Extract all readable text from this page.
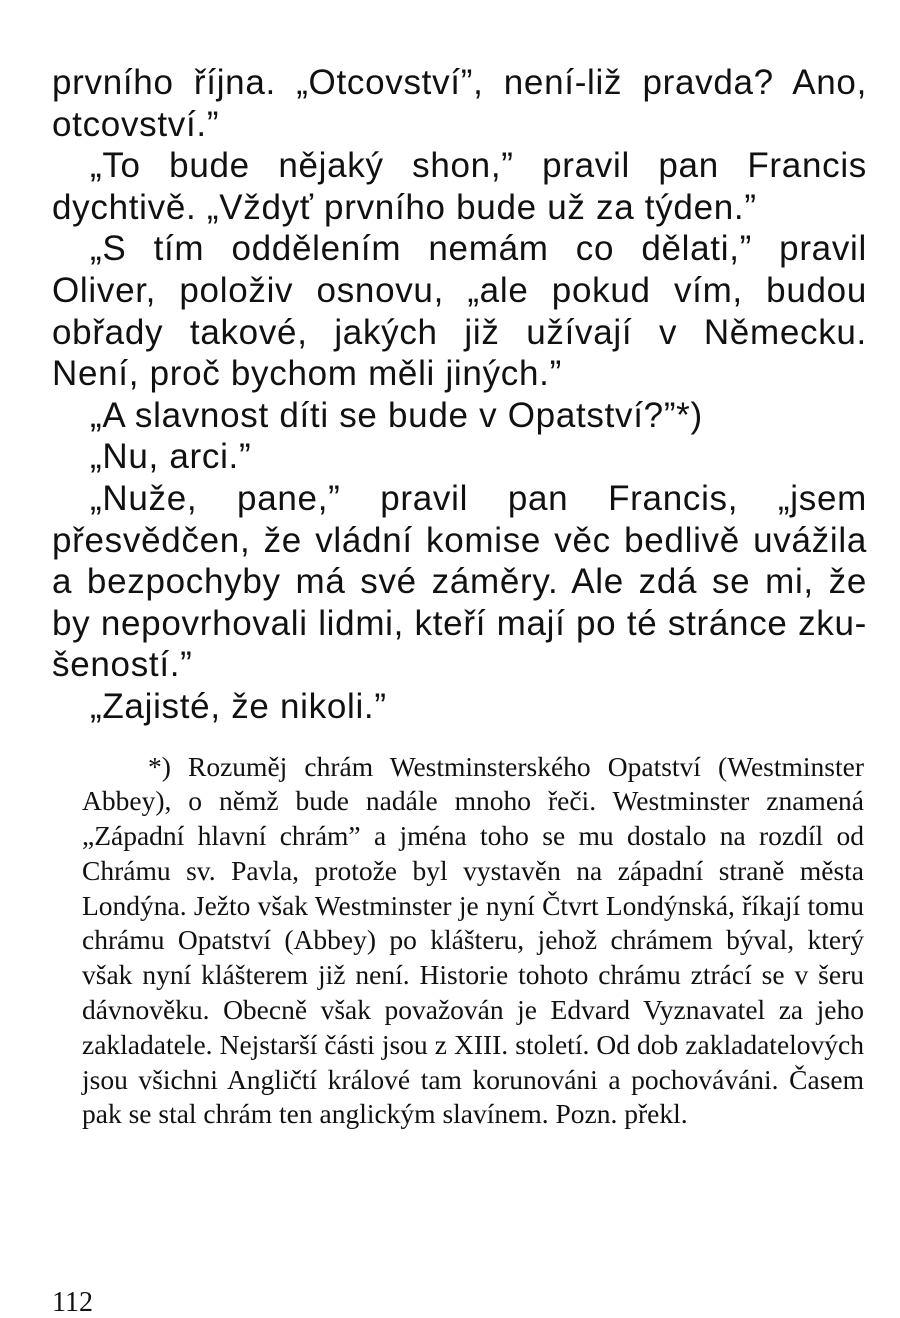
prvního října. „Otcovství”, není-liž pravda? Ano, otcovství.”

„To bude nějaký shon,” pravil pan Francis dychtivě. „Vždyť prvního bude už za týden.”

„S tím oddělením nemám co dělati,” pravil Oliver, položiv osnovu, „ale pokud vím, budou obřady takové, jakých již užívají v Německu. Není, proč bychom měli jiných.”

„A slavnost díti se bude v Opatství?”*)

„Nu, arci.”

„Nuže, pane,” pravil pan Francis, „jsem přesvědčen, že vládní komise věc bedlivě uvážila a bezpochyby má své záměry. Ale zdá se mi, že by nepovrhovali lidmi, kteří mají po té stránce zku-šeností.”

„Zajisté, že nikoli.”

*) Rozuměj chrám Westminsterského Opatství (Westminster Abbey), o němž bude nadále mnoho řeči. Westminster znamená „Západní hlavní chrám” a jména toho se mu dostalo na rozdíl od Chrámu sv. Pavla, protože byl vystavěn na západní straně města Londýna. Ježto však Westminster je nyní Čtvrt Londýnská, říkají tomu chrámu Opatství (Abbey) po klášteru, jehož chrámem býval, který však nyní klášterem již není. Historie tohoto chrámu ztrácí se v šeru dávnověku. Obecně však považován je Edvard Vyznavatel za jeho zakladatele. Nejstarší části jsou z XIII. století. Od dob zakladatelových jsou všichni Angličtí králové tam korunováni a pochováváni. Časem pak se stal chrám ten anglickým slavínem. Pozn. překl.

112
